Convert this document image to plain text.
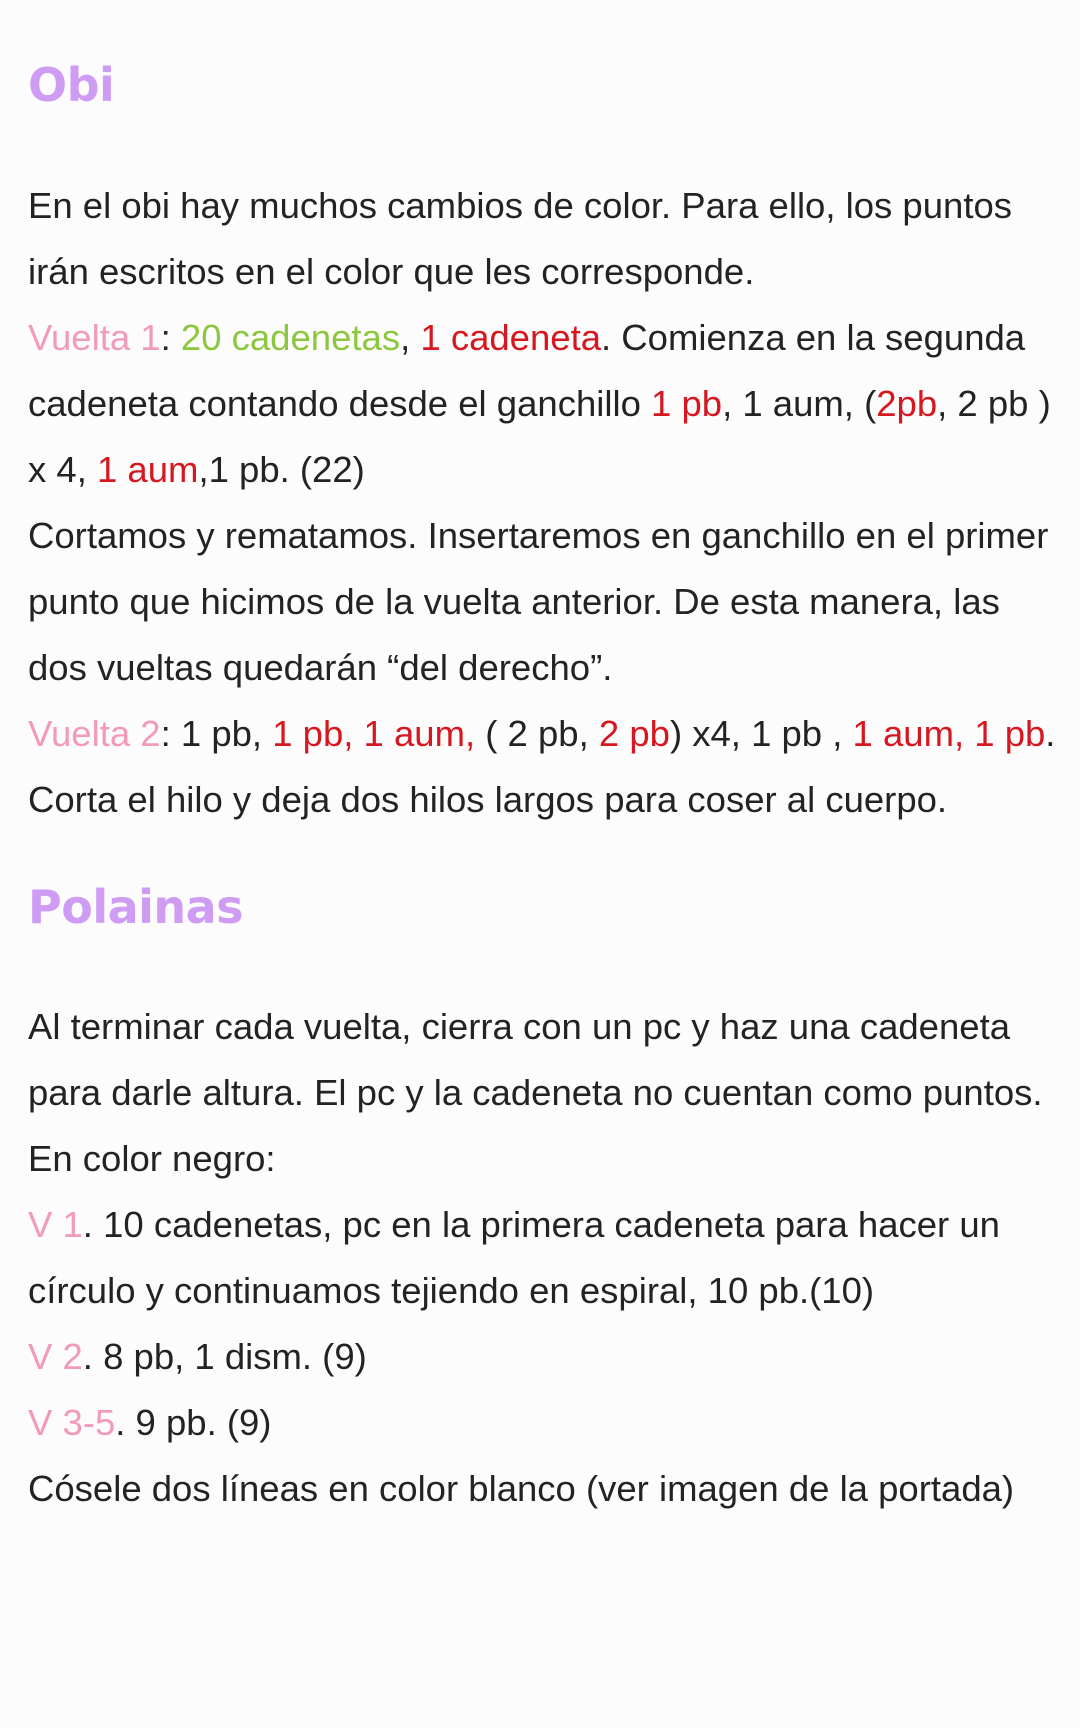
Obi

En el obi hay muchos cambios de color. Para ello, los puntos irán escritos en el color que les corresponde.

Vuelta 1: 20 cadenetas, 1 cadeneta. Comienza en la segunda cadeneta contando desde el ganchillo 1 pb, 1 aum, (2pb, 2 pb ) x 4, 1 aum,1 pb. (22)

Cortamos y rematamos. Insertaremos en ganchillo en el primer punto que hicimos de la vuelta anterior. De esta manera, las dos vueltas quedarán “del derecho”.

Vuelta 2: 1 pb, 1 pb, 1 aum, ( 2 pb, 2 pb) x4, 1 pb , 1 aum, 1 pb.

Corta el hilo y deja dos hilos largos para coser al cuerpo.

Polainas

Al terminar cada vuelta, cierra con un pc y haz una cadeneta para darle altura. El pc y la cadeneta no cuentan como puntos. En color negro:

V 1. 10 cadenetas, pc en la primera cadeneta para hacer un círculo y continuamos tejiendo en espiral, 10 pb.(10)

V 2. 8 pb, 1 dism. (9)

V 3-5. 9 pb. (9)

Cósele dos líneas en color blanco (ver imagen de la portada)
